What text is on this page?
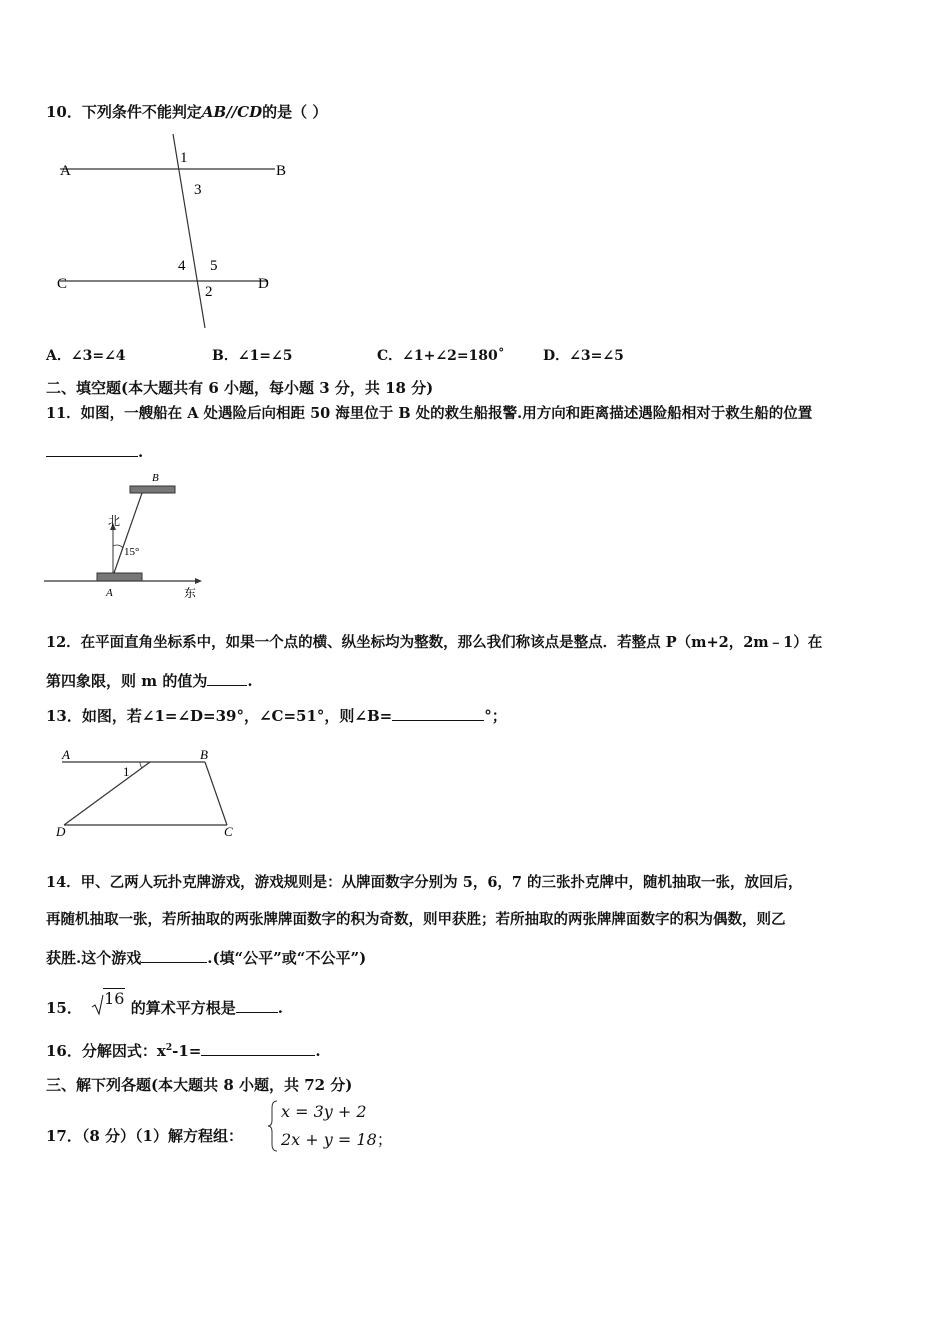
10．下列条件不能判定AB//CD的是（ ）
A	B
C	D
1
3
4 5
2
A．∠3=∠4	B．∠1=∠5	C．∠1+∠2=180˚	D．∠3=∠5
二、填空题(本大题共有 6 小题，每小题 3 分，共 18 分)
11．如图，一艘船在 A 处遇险后向相距 50 海里位于 B 处的救生船报警.用方向和距离描述遇险船相对于救生船的位置
.
B
东
A
北
15°
12．在平面直角坐标系中，如果一个点的横、纵坐标均为整数，那么我们称该点是整点．若整点 P（m+2，2m﹣1）在
第四象限，则 m 的值为	.
13．如图，若∠1=∠D=39°，∠C=51°，则∠B=	°；
A	B
C
D
1
14．甲、乙两人玩扑克牌游戏，游戏规则是：从牌面数字分别为 5，6，7 的三张扑克牌中，随机抽取一张，放回后，
再随机抽取一张，若所抽取的两张牌牌面数字的积为奇数，则甲获胜；若所抽取的两张牌牌面数字的积为偶数，则乙
获胜.这个游戏	.(填“公平”或“不公平”)
15． 16 的算术平方根是	.
16．分解因式：$x^2-1=$	.
三、解下列各题(本大题共 8 小题，共 72 分)
17．（8 分）（1）解方程组：
x = 3y + 2
2x + y = 18；
